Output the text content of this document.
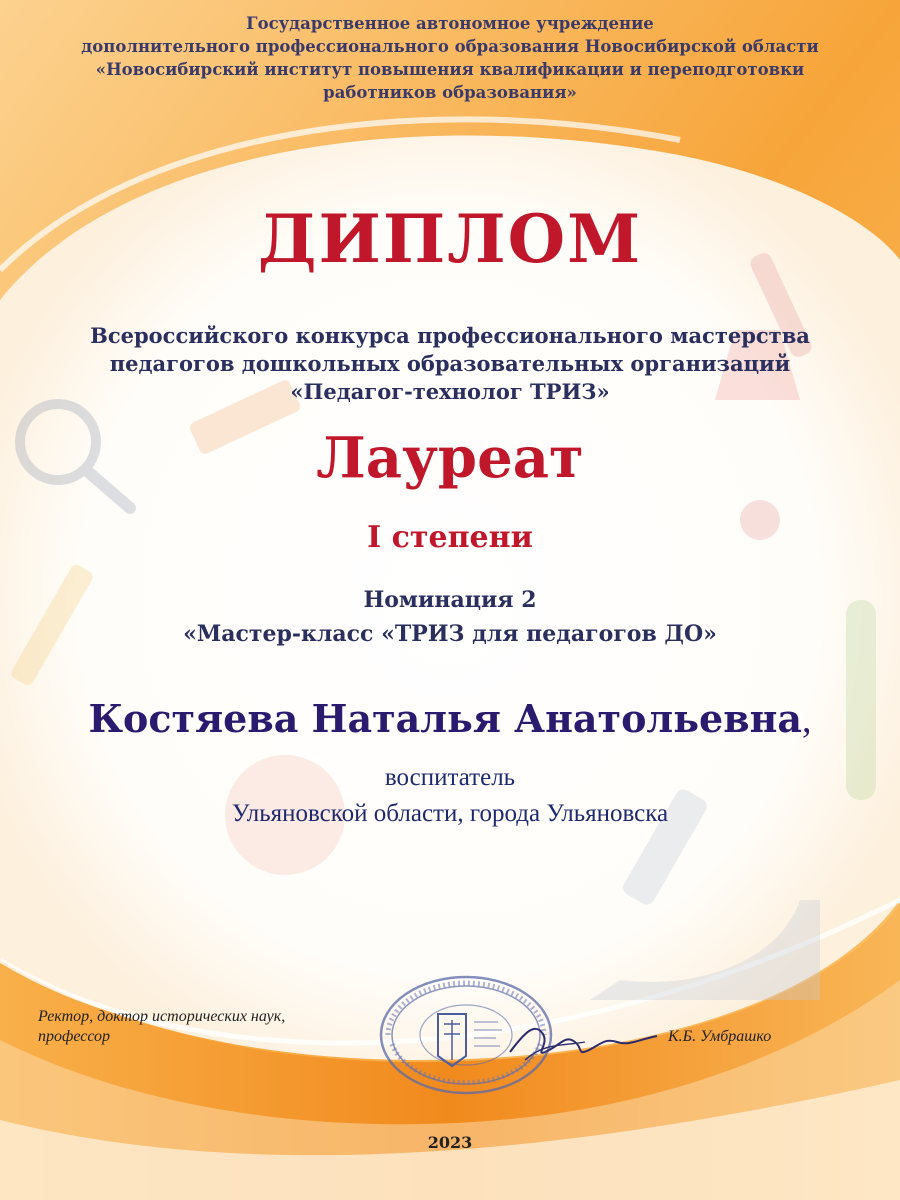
Государственное автономное учреждение
дополнительного профессионального образования Новосибирской области
«Новосибирский институт повышения квалификации и переподготовки
работников образования»
ДИПЛОМ
Всероссийского конкурса профессионального мастерства
педагогов дошкольных образовательных организаций
«Педагог-технолог ТРИЗ»
Лауреат
I степени
Номинация 2
«Мастер-класс «ТРИЗ для педагогов ДО»
Костяева Наталья Анатольевна,
воспитатель
Ульяновской области, города Ульяновска
Ректор, доктор исторических наук,
профессор	К.Б. Умбрашко
2023
